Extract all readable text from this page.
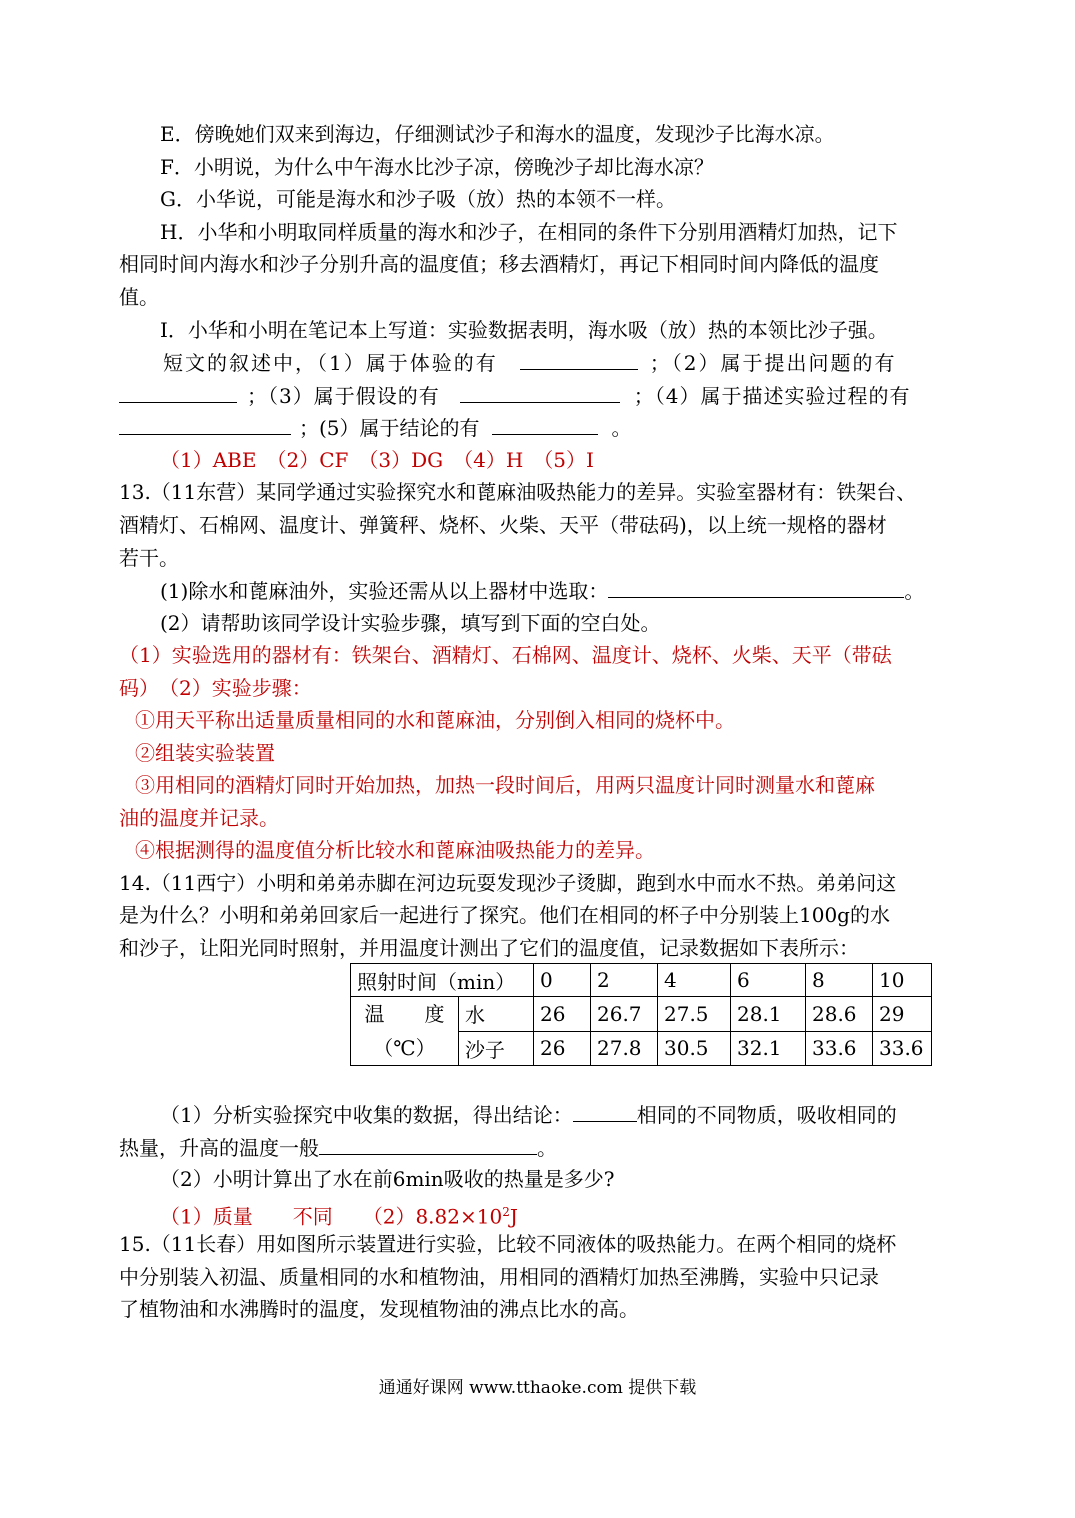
E．傍晚她们双来到海边，仔细测试沙子和海水的温度，发现沙子比海水凉。
F．小明说，为什么中午海水比沙子凉，傍晚沙子却比海水凉？
G．小华说，可能是海水和沙子吸（放）热的本领不一样。
H．小华和小明取同样质量的海水和沙子，在相同的条件下分别用酒精灯加热，记下
相同时间内海水和沙子分别升高的温度值；移去酒精灯，再记下相同时间内降低的温度
值。
I．小华和小明在笔记本上写道：实验数据表明，海水吸（放）热的本领比沙子强。
短文的叙述中，（1）属于体验的有	；（2）属于提出问题的有
；（3）属于假设的有	；（4）属于描述实验过程的有
；(5）属于结论的有	。
（1）ABE　（2）CF　（3）DG　（4）H　（5）I
13.（11东营）某同学通过实验探究水和蓖麻油吸热能力的差异。实验室器材有：铁架台、
酒精灯、石棉网、温度计、弹簧秤、烧杯、火柴、天平（带砝码)，以上统一规格的器材
若干。
(1)除水和蓖麻油外，实验还需从以上器材中选取：	。
(2）请帮助该同学设计实验步骤，填写到下面的空白处。
（1）实验选用的器材有：铁架台、酒精灯、石棉网、温度计、烧杯、火柴、天平（带砝
码）　（2）实验步骤：
①用天平称出适量质量相同的水和蓖麻油，分别倒入相同的烧杯中。
②组装实验装置
③用相同的酒精灯同时开始加热，加热一段时间后，用两只温度计同时测量水和蓖麻
油的温度并记录。
④根据测得的温度值分析比较水和蓖麻油吸热能力的差异。
14.（11西宁）小明和弟弟赤脚在河边玩耍发现沙子烫脚，跑到水中而水不热。弟弟问这
是为什么？小明和弟弟回家后一起进行了探究。他们在相同的杯子中分别装上100g的水
和沙子，让阳光同时照射，并用温度计测出了它们的温度值，记录数据如下表所示：
照射时间（min）		0	2	4	6	8	10

温　　度
（℃）	水	26	26.7	27.5	28.1	28.6	29
	沙子	26	27.8	30.5	32.1	33.6	33.6
（1）分析实验探究中收集的数据，得出结论：	相同的不同物质，吸收相同的
热量，升高的温度一般	。
（2）小明计算出了水在前6min吸收的热量是多少?
（1）质量　　不同　　$(2)8.82\times 10^2J$
15.（11长春）用如图所示装置进行实验，比较不同液体的吸热能力。在两个相同的烧杯
中分别装入初温、质量相同的水和植物油，用相同的酒精灯加热至沸腾，实验中只记录
了植物油和水沸腾时的温度，发现植物油的沸点比水的高。
通通好课网 www.tthaoke.com 提供下载
